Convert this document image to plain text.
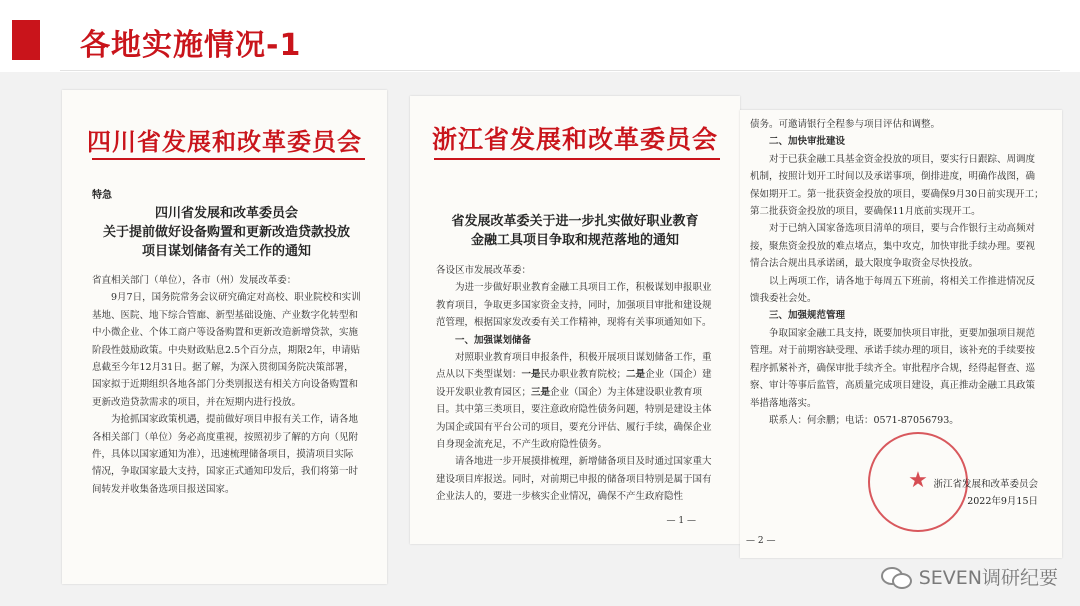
各地实施情况-1
四川省发展和改革委员会
特急
四川省发展和改革委员会
关于提前做好设备购置和更新改造贷款投放
项目谋划储备有关工作的通知

省直相关部门（单位），各市（州）发展改革委：

9月7日，国务院常务会议研究确定对高校、职业院校和实训基地、医院、地下综合管廊、新型基础设施、产业数字化转型和中小微企业、个体工商户等设备购置和更新改造新增贷款，实施阶段性鼓励政策。中央财政贴息2.5个百分点，期限2年，申请贴息截至今年12月31日。据了解，为深入贯彻国务院决策部署，国家拟于近期组织各地各部门分类别报送有相关方向设备购置和更新改造贷款需求的项目，并在短期内进行投放。

为抢抓国家政策机遇，提前做好项目申报有关工作，请各地各相关部门（单位）务必高度重视，按照初步了解的方向（见附件，具体以国家通知为准），迅速梳理储备项目，摸清项目实际情况，争取国家最大支持，国家正式通知印发后，我们将第一时间转发并收集备选项目报送国家。

浙江省发展和改革委员会
省发展改革委关于进一步扎实做好职业教育
金融工具项目争取和规范落地的通知

各设区市发展改革委：

为进一步做好职业教育金融工具项目工作，积极谋划申报职业教育项目，争取更多国家资金支持，同时，加强项目审批和建设规范管理，根据国家发改委有关工作精神，现将有关事项通知如下。

一、加强谋划储备

对照职业教育项目申报条件，积极开展项目谋划储备工作，重点从以下类型谋划：一是民办职业教育院校；二是企业（国企）建设开发职业教育园区；三是企业（国企）为主体建设职业教育项目。其中第三类项目，要注意政府隐性债务问题，特别是建设主体为国企或国有平台公司的项目，要充分评估、履行手续，确保企业自身现金流充足，不产生政府隐性债务。

请各地进一步开展摸排梳理，新增储备项目及时通过国家重大建设项目库报送。同时，对前期已申报的储备项目特别是属于国有企业法人的，要进一步核实企业情况，确保不产生政府隐性

— 1 —

债务。可邀请银行全程参与项目评估和调整。

二、加快审批建设

对于已获金融工具基金资金投放的项目，要实行日跟踪、周调度机制，按照计划开工时间以及承诺事项，倒排进度，明确作战图，确保如期开工。第一批获资金投放的项目，要确保9月30日前实现开工；第二批获资金投放的项目，要确保11月底前实现开工。

对于已纳入国家备选项目清单的项目，要与合作银行主动高频对接，聚焦资金投放的难点堵点，集中攻克，加快审批手续办理。要视情合法合规出具承诺函，最大限度争取资金尽快投放。

以上两项工作，请各地于每周五下班前，将相关工作推进情况反馈我委社会处。

三、加强规范管理

争取国家金融工具支持，既要加快项目审批，更要加强项目规范管理。对于前期容缺受理、承诺手续办理的项目，该补充的手续要按程序抓紧补齐，确保审批手续齐全。审批程序合规，经得起督查、巡察、审计等事后监管，高质量完成项目建设，真正推动金融工具政策举措落地落实。

联系人：何余鹏；电话：0571-87056793。

★ 浙江省发展和改革委员会
2022年9月15日
— 2 —
SEVEN调研纪要
